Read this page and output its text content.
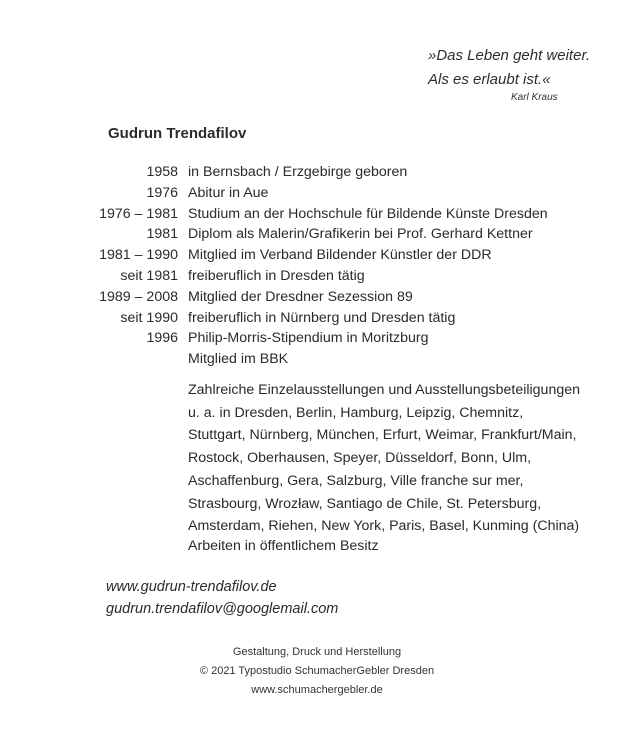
»Das Leben geht weiter.
Als es erlaubt ist.«
Karl Kraus
Gudrun Trendafilov
1958 in Bernsbach / Erzgebirge geboren
1976 Abitur in Aue
1976 – 1981 Studium an der Hochschule für Bildende Künste Dresden
1981 Diplom als Malerin/Grafikerin bei Prof. Gerhard Kettner
1981 – 1990 Mitglied im Verband Bildender Künstler der DDR
seit 1981 freiberuflich in Dresden tätig
1989 – 2008 Mitglied der Dresdner Sezession 89
seit 1990 freiberuflich in Nürnberg und Dresden tätig
1996 Philip-Morris-Stipendium in Moritzburg
Mitglied im BBK
Zahlreiche Einzelausstellungen und Ausstellungsbeteiligungen
u. a. in Dresden, Berlin, Hamburg, Leipzig, Chemnitz,
Stuttgart, Nürnberg, München, Erfurt, Weimar, Frankfurt/Main,
Rostock, Oberhausen, Speyer, Düsseldorf, Bonn, Ulm,
Aschaffenburg, Gera, Salzburg, Ville franche sur mer,
Strasbourg, Wrozław, Santiago de Chile, St. Petersburg,
Amsterdam, Riehen, New York, Paris, Basel, Kunming (China)
Arbeiten in öffentlichem Besitz
www.gudrun-trendafilov.de
gudrun.trendafilov@googlemail.com
Gestaltung, Druck und Herstellung
© 2021 Typostudio SchumacherGebler Dresden
www.schumachergebler.de
